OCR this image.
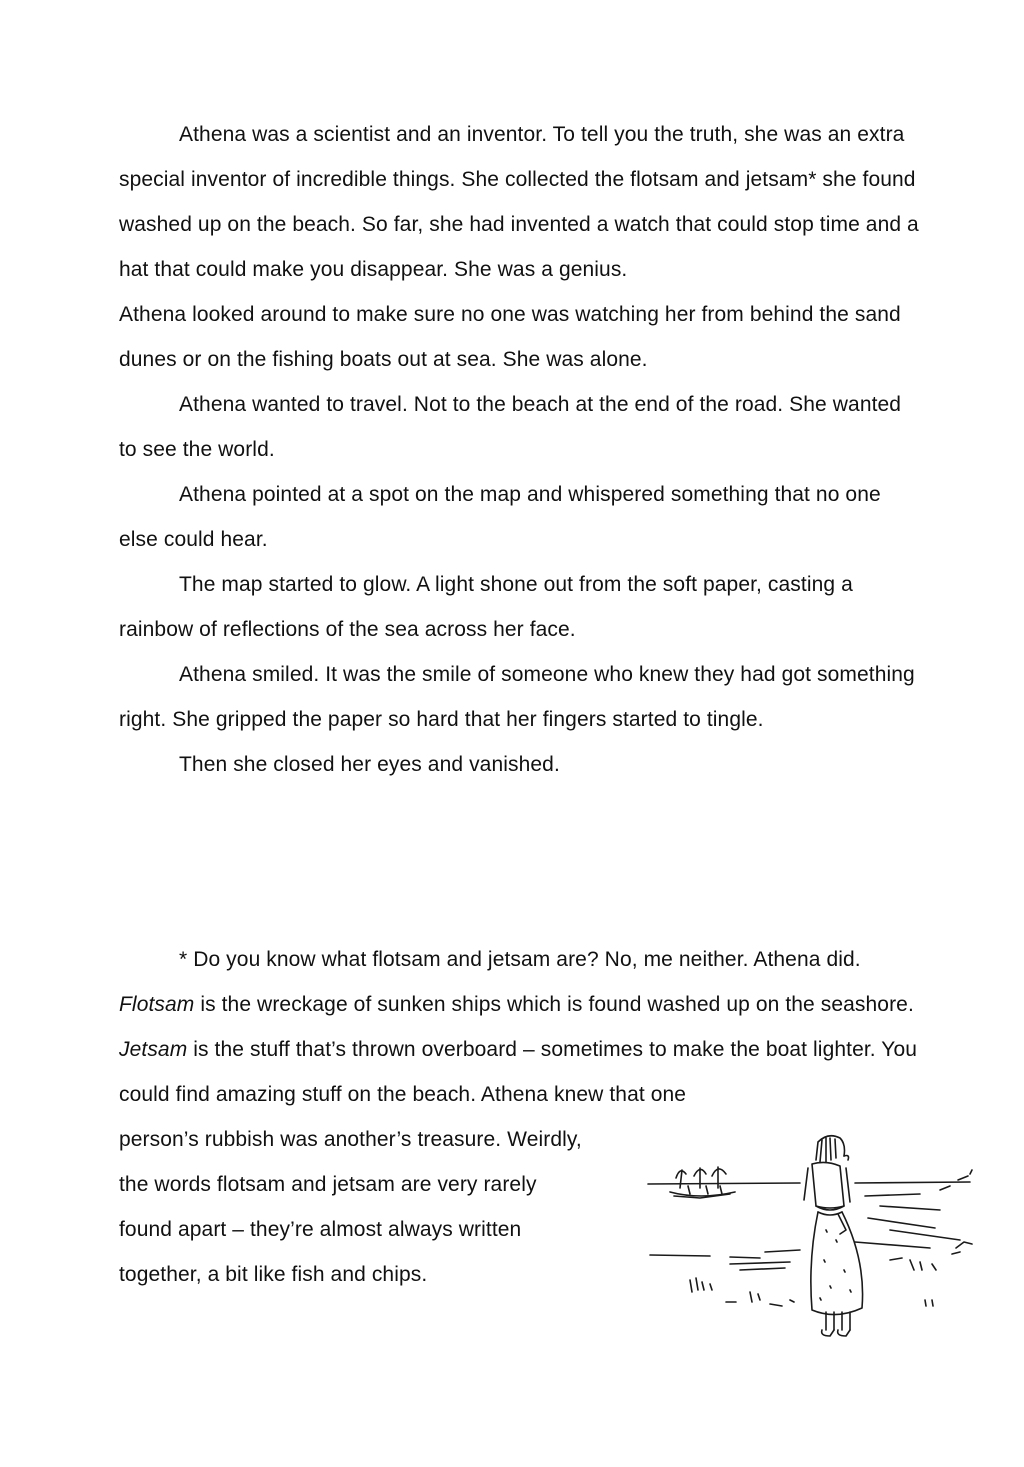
Athena was a scientist and an inventor. To tell you the truth, she was an extra special inventor of incredible things. She collected the flotsam and jetsam* she found washed up on the beach. So far, she had invented a watch that could stop time and a hat that could make you disappear. She was a genius.

Athena looked around to make sure no one was watching her from behind the sand dunes or on the fishing boats out at sea. She was alone.

Athena wanted to travel. Not to the beach at the end of the road. She wanted to see the world.

Athena pointed at a spot on the map and whispered something that no one else could hear.

The map started to glow. A light shone out from the soft paper, casting a rainbow of reflections of the sea across her face.

Athena smiled. It was the smile of someone who knew they had got something right. She gripped the paper so hard that her fingers started to tingle.

Then she closed her eyes and vanished.

* Do you know what flotsam and jetsam are? No, me neither. Athena did. Flotsam is the wreckage of sunken ships which is found washed up on the seashore. Jetsam is the stuff that’s thrown overboard – sometimes to make the boat lighter. You could find amazing stuff on the beach. Athena knew that one

person’s rubbish was another’s treasure. Weirdly,
the words flotsam and jetsam are very rarely
found apart – they’re almost always written
together, a bit like fish and chips.
